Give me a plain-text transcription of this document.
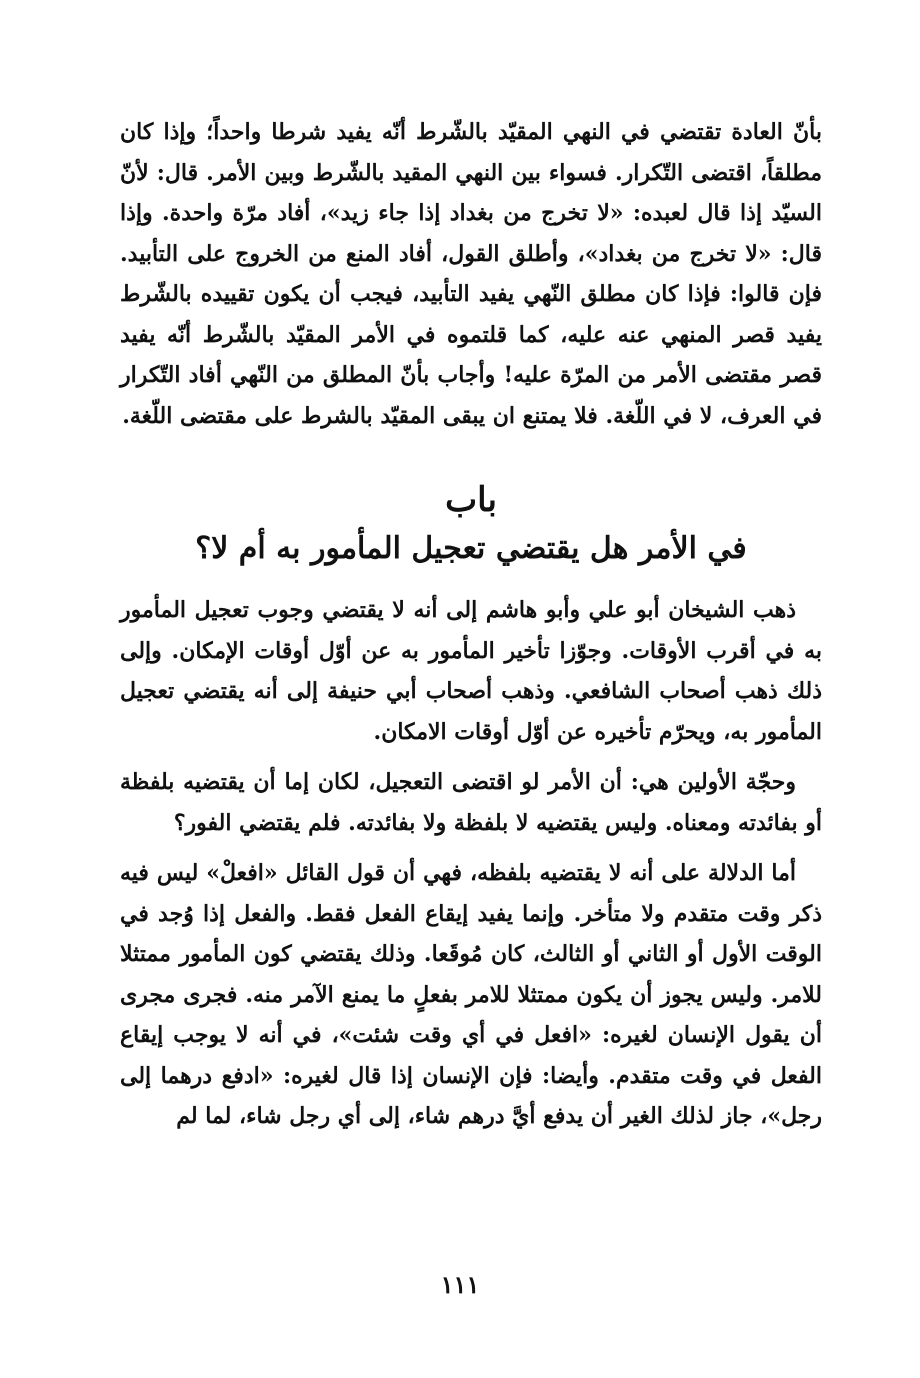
بأنّ العادة تقتضي في النهي المقيّد بالشّرط أنّه يفيد شرطا واحداً؛ وإذا كان مطلقاً، اقتضى التّكرار. فسواء بين النهي المقيد بالشّرط وبين الأمر. قال: لأنّ السيّد إذا قال لعبده: «لا تخرج من بغداد إذا جاء زيد»، أفاد مرّة واحدة. وإذا قال: «لا تخرج من بغداد»، وأطلق القول، أفاد المنع من الخروج على التأبيد. فإن قالوا: فإذا كان مطلق النّهي يفيد التأبيد، فيجب أن يكون تقييده بالشّرط يفيد قصر المنهي عنه عليه، كما قلتموه في الأمر المقيّد بالشّرط أنّه يفيد قصر مقتضى الأمر من المرّة عليه! وأجاب بأنّ المطلق من النّهي أفاد التّكرار في العرف، لا في اللّغة. فلا يمتنع ان يبقى المقيّد بالشرط على مقتضى اللّغة.

باب
في الأمر هل يقتضي تعجيل المأمور به أم لا؟

ذهب الشيخان أبو علي وأبو هاشم إلى أنه لا يقتضي وجوب تعجيل المأمور به في أقرب الأوقات. وجوّزا تأخير المأمور به عن أوّل أوقات الإمكان. وإلى ذلك ذهب أصحاب الشافعي. وذهب أصحاب أبي حنيفة إلى أنه يقتضي تعجيل المأمور به، ويحرّم تأخيره عن أوّل أوقات الامكان.

وحجّة الأولين هي: أن الأمر لو اقتضى التعجيل، لكان إما أن يقتضيه بلفظة أو بفائدته ومعناه. وليس يقتضيه لا بلفظة ولا بفائدته. فلم يقتضي الفور؟

أما الدلالة على أنه لا يقتضيه بلفظه، فهي أن قول القائل «افعلْ» ليس فيه ذكر وقت متقدم ولا متأخر. وإنما يفيد إيقاع الفعل فقط. والفعل إذا وُجد في الوقت الأول أو الثاني أو الثالث، كان مُوقَعا. وذلك يقتضي كون المأمور ممتثلا للامر. وليس يجوز أن يكون ممتثلا للامر بفعلٍ ما يمنع الآمر منه. فجرى مجرى أن يقول الإنسان لغيره: «افعل في أي وقت شئت»، في أنه لا يوجب إيقاع الفعل في وقت متقدم. وأيضا: فإن الإنسان إذا قال لغيره: «ادفع درهما إلى رجل»، جاز لذلك الغير أن يدفع أيَّ درهم شاء، إلى أي رجل شاء، لما لم

١١١
